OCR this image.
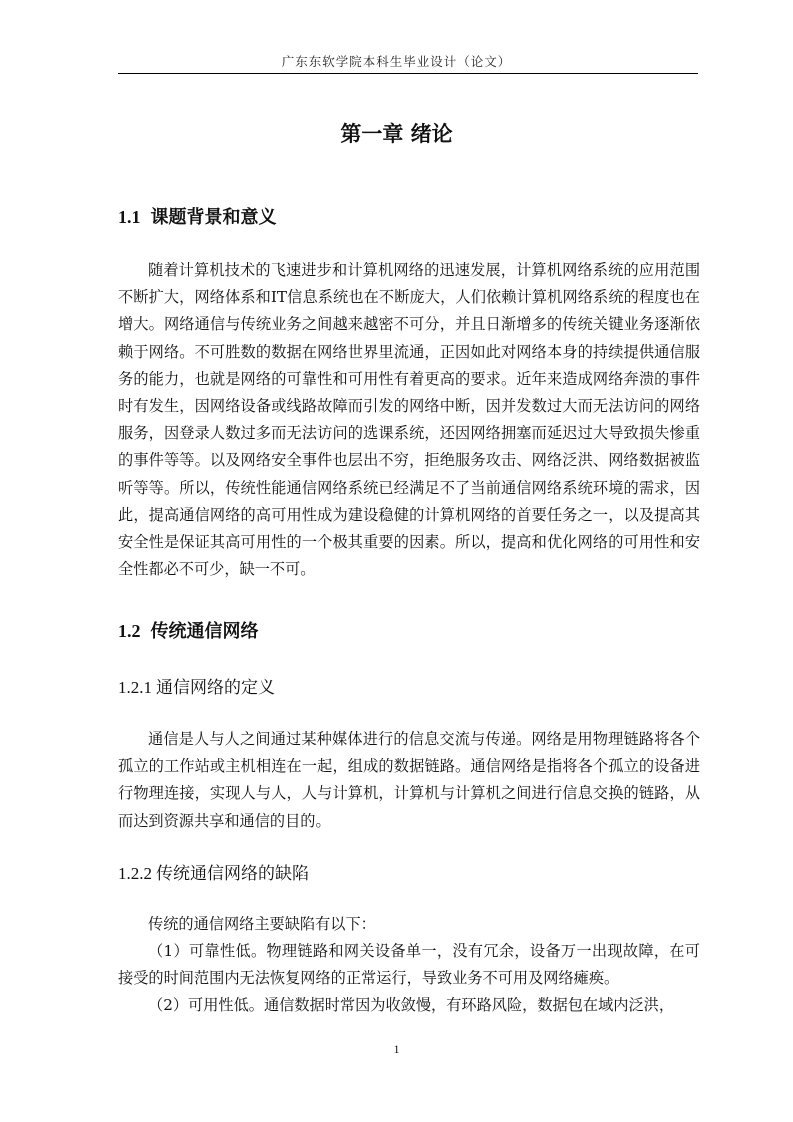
广东东软学院本科生毕业设计（论文）
第一章 绪论
1.1 课题背景和意义

随着计算机技术的飞速进步和计算机网络的迅速发展，计算机网络系统的应用范围不断扩大，网络体系和IT信息系统也在不断庞大，人们依赖计算机网络系统的程度也在增大。网络通信与传统业务之间越来越密不可分，并且日渐增多的传统关键业务逐渐依赖于网络。不可胜数的数据在网络世界里流通，正因如此对网络本身的持续提供通信服务的能力，也就是网络的可靠性和可用性有着更高的要求。近年来造成网络奔溃的事件时有发生，因网络设备或线路故障而引发的网络中断，因并发数过大而无法访问的网络服务，因登录人数过多而无法访问的选课系统，还因网络拥塞而延迟过大导致损失惨重的事件等等。以及网络安全事件也层出不穷，拒绝服务攻击、网络泛洪、网络数据被监听等等。所以，传统性能通信网络系统已经满足不了当前通信网络系统环境的需求，因此，提高通信网络的高可用性成为建设稳健的计算机网络的首要任务之一，以及提高其安全性是保证其高可用性的一个极其重要的因素。所以，提高和优化网络的可用性和安全性都必不可少，缺一不可。

1.2 传统通信网络
1.2.1 通信网络的定义

通信是人与人之间通过某种媒体进行的信息交流与传递。网络是用物理链路将各个孤立的工作站或主机相连在一起，组成的数据链路。通信网络是指将各个孤立的设备进行物理连接，实现人与人，人与计算机，计算机与计算机之间进行信息交换的链路，从而达到资源共享和通信的目的。

1.2.2 传统通信网络的缺陷

传统的通信网络主要缺陷有以下：

（1）可靠性低。物理链路和网关设备单一，没有冗余，设备万一出现故障，在可接受的时间范围内无法恢复网络的正常运行，导致业务不可用及网络瘫痪。

（2）可用性低。通信数据时常因为收敛慢，有环路风险，数据包在域内泛洪，

1
